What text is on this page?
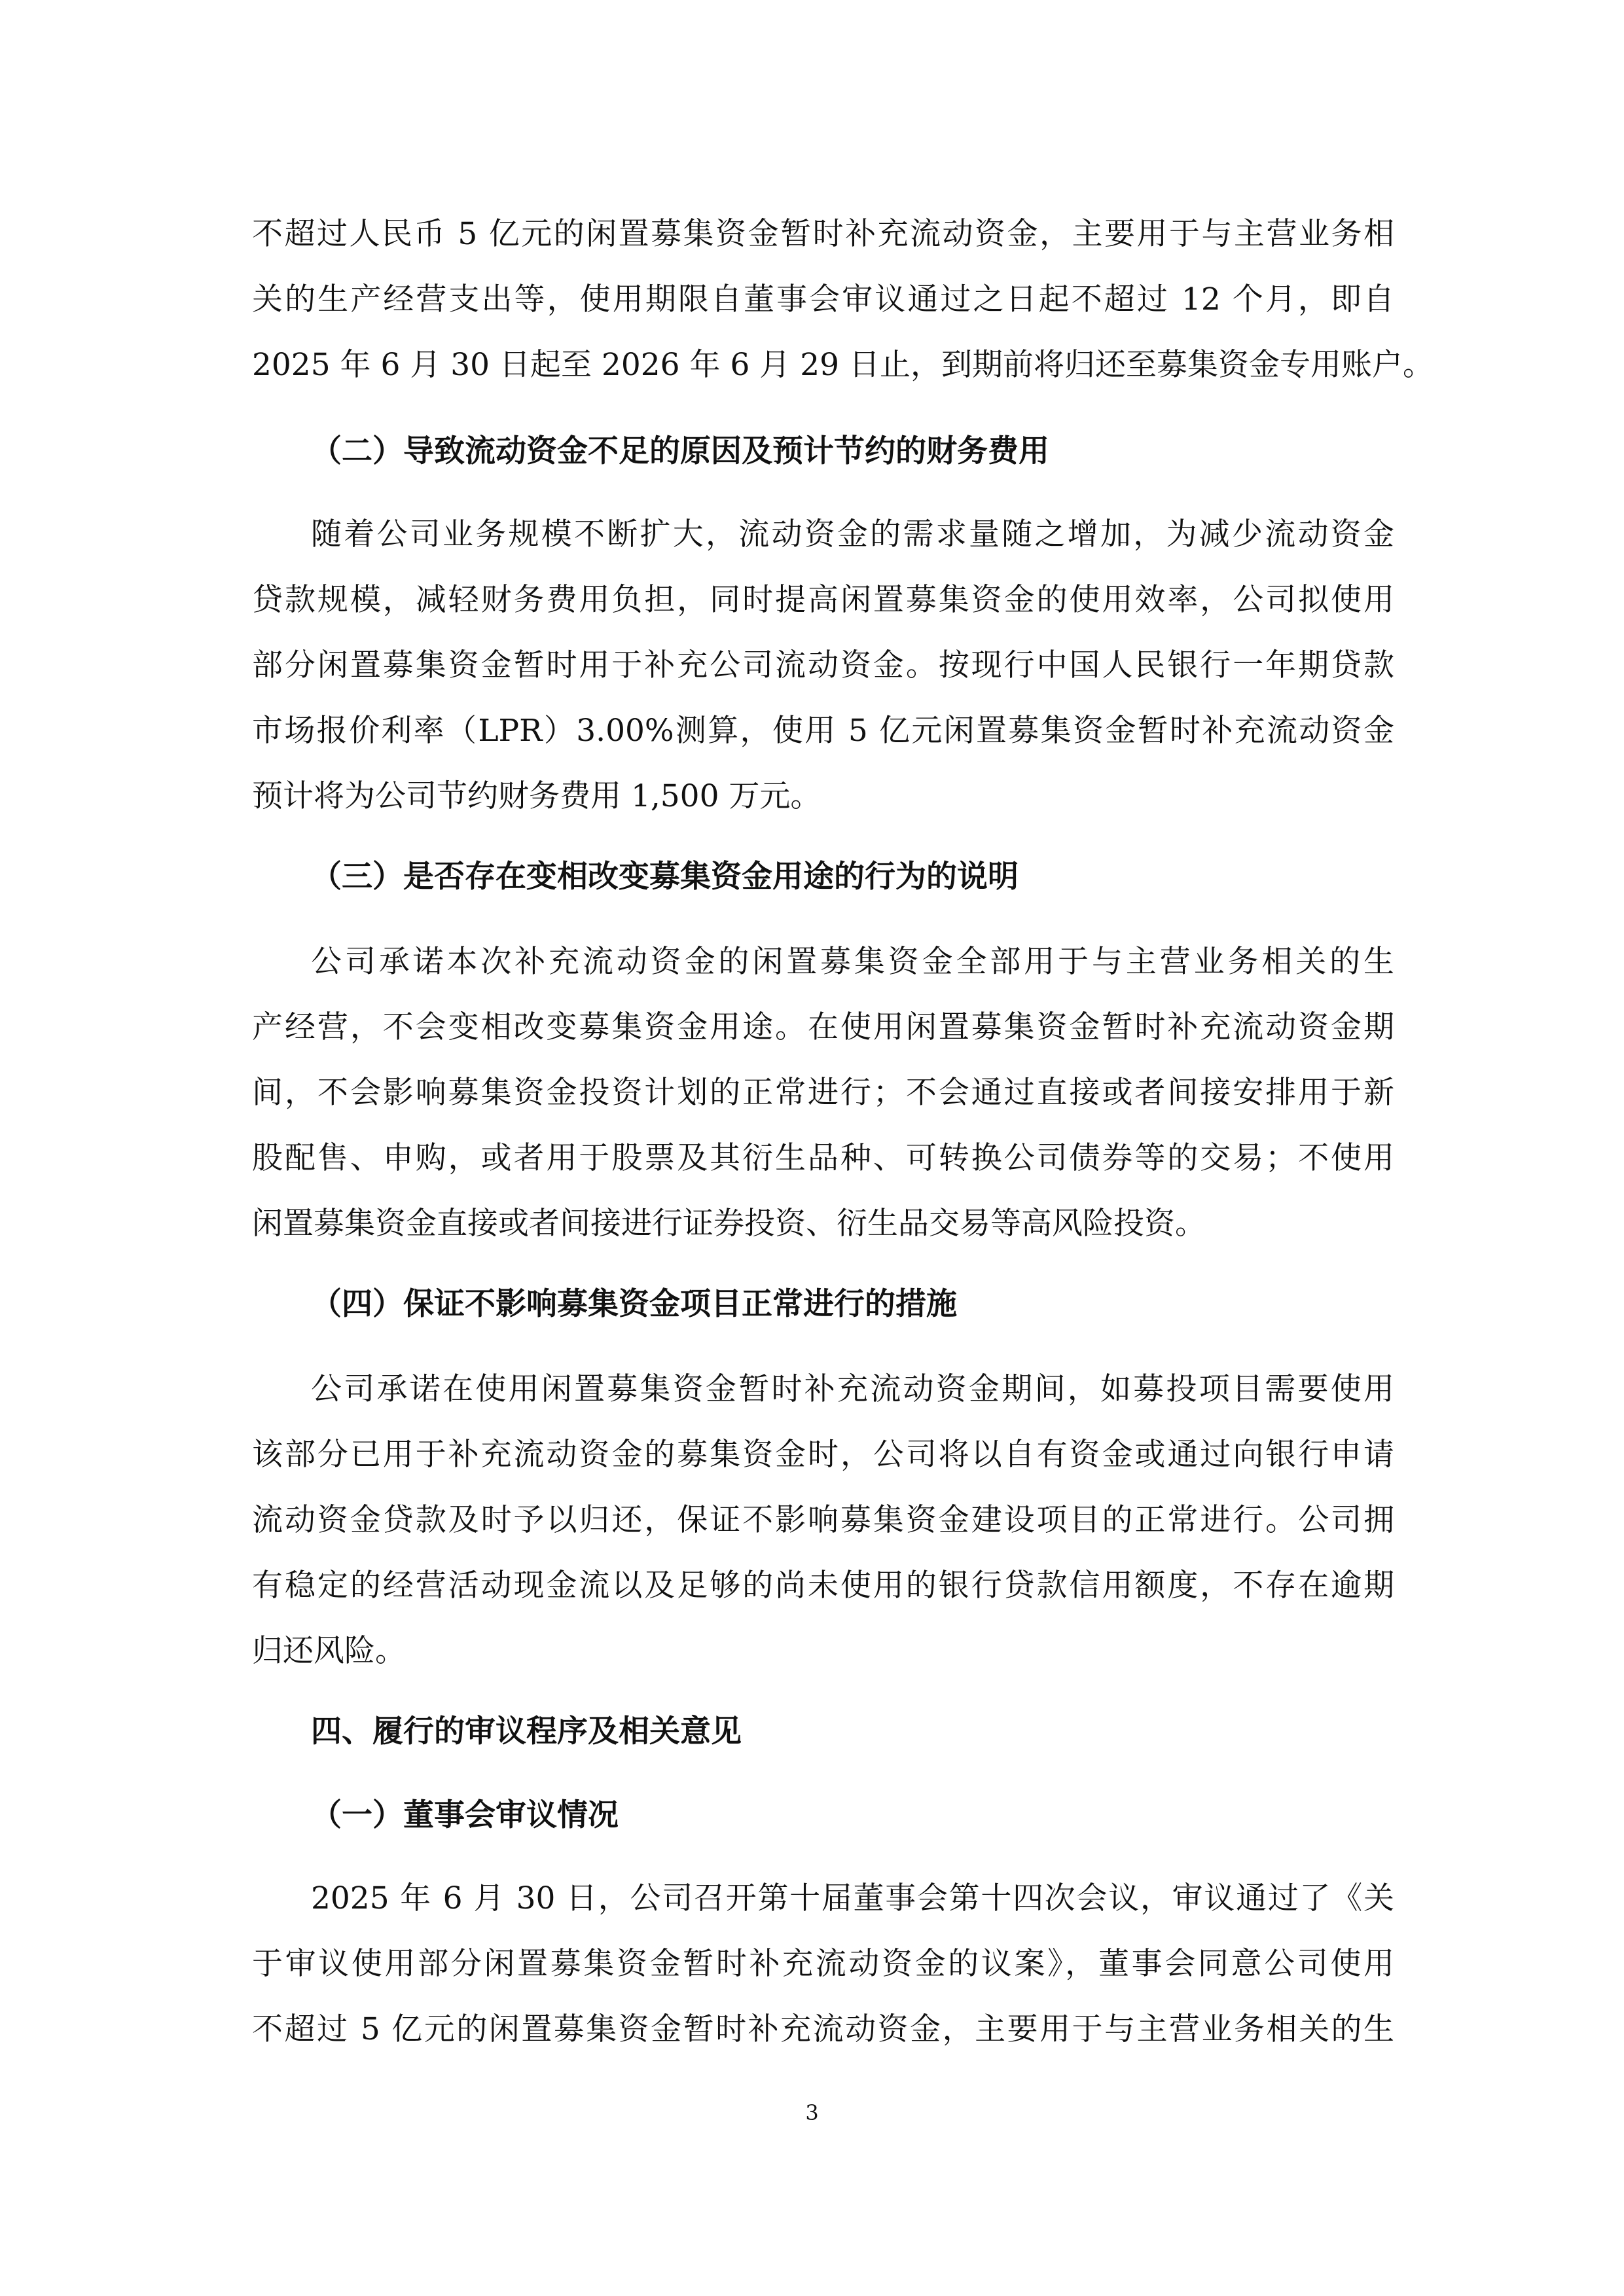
不超过人民币 5 亿元的闲置募集资金暂时补充流动资金，主要用于与主营业务相
关的生产经营支出等，使用期限自董事会审议通过之日起不超过 12 个月，即自
2025 年 6 月 30 日起至 2026 年 6 月 29 日止，到期前将归还至募集资金专用账户。
（二）导致流动资金不足的原因及预计节约的财务费用
随着公司业务规模不断扩大，流动资金的需求量随之增加，为减少流动资金
贷款规模，减轻财务费用负担，同时提高闲置募集资金的使用效率，公司拟使用
部分闲置募集资金暂时用于补充公司流动资金。按现行中国人民银行一年期贷款
市场报价利率（LPR）3.00%测算，使用 5 亿元闲置募集资金暂时补充流动资金
预计将为公司节约财务费用 1,500 万元。
（三）是否存在变相改变募集资金用途的行为的说明
公司承诺本次补充流动资金的闲置募集资金全部用于与主营业务相关的生
产经营，不会变相改变募集资金用途。在使用闲置募集资金暂时补充流动资金期
间，不会影响募集资金投资计划的正常进行；不会通过直接或者间接安排用于新
股配售、申购，或者用于股票及其衍生品种、可转换公司债券等的交易；不使用
闲置募集资金直接或者间接进行证券投资、衍生品交易等高风险投资。
（四）保证不影响募集资金项目正常进行的措施
公司承诺在使用闲置募集资金暂时补充流动资金期间，如募投项目需要使用
该部分已用于补充流动资金的募集资金时，公司将以自有资金或通过向银行申请
流动资金贷款及时予以归还，保证不影响募集资金建设项目的正常进行。公司拥
有稳定的经营活动现金流以及足够的尚未使用的银行贷款信用额度，不存在逾期
归还风险。
四、履行的审议程序及相关意见
（一）董事会审议情况
2025 年 6 月 30 日，公司召开第十届董事会第十四次会议，审议通过了《关
于审议使用部分闲置募集资金暂时补充流动资金的议案》，董事会同意公司使用
不超过 5 亿元的闲置募集资金暂时补充流动资金，主要用于与主营业务相关的生
3
